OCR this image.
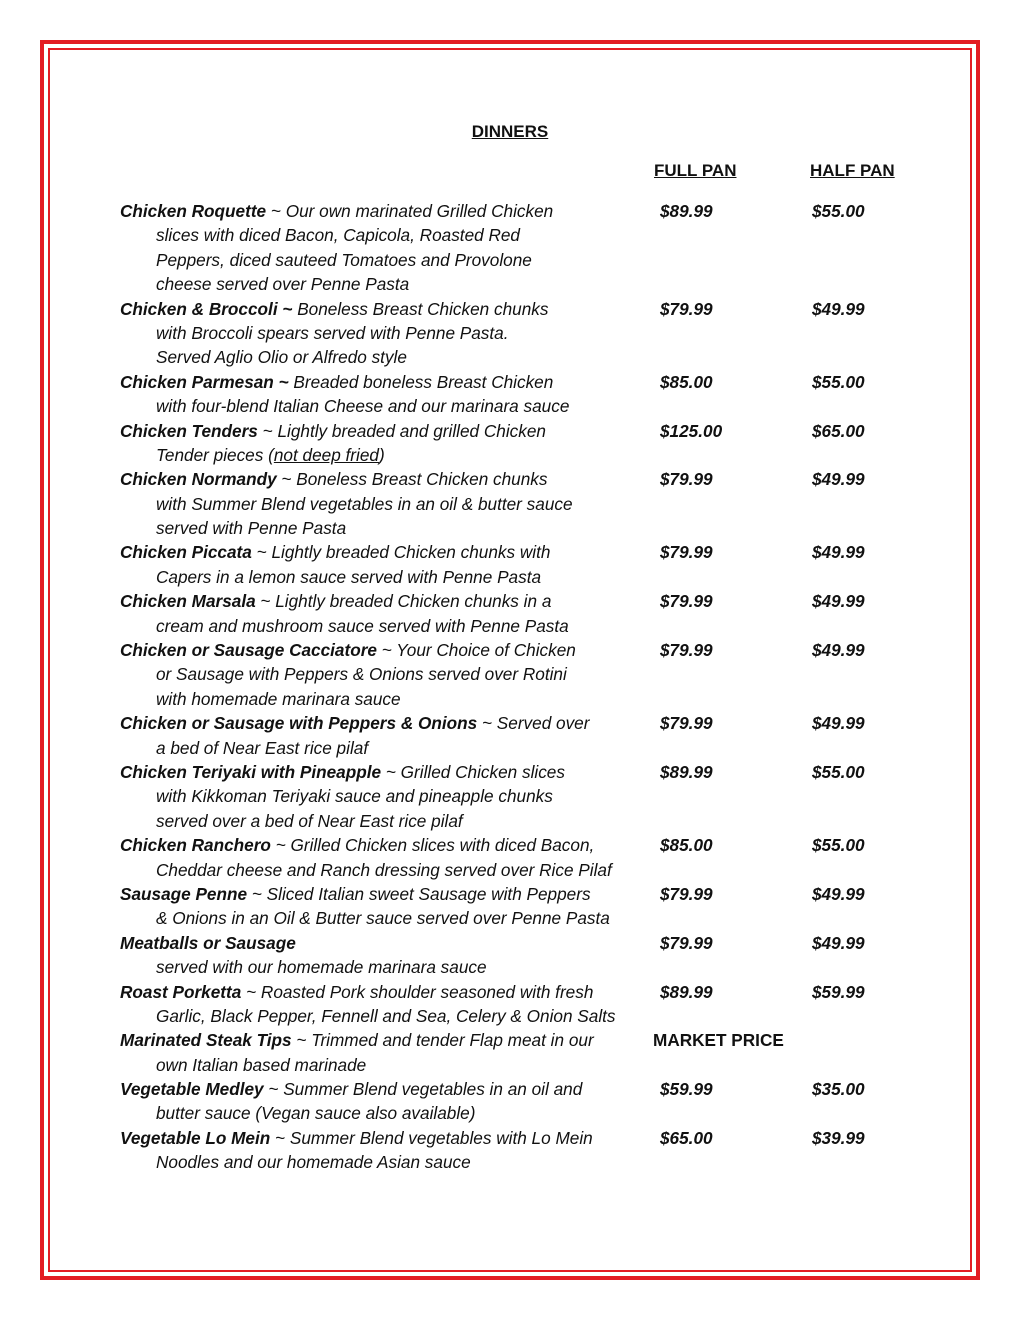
DINNERS
FULL PAN	HALF PAN
Chicken Roquette ~ Our own marinated Grilled Chicken
slices with diced Bacon, Capicola, Roasted Red
Peppers, diced sauteed Tomatoes and Provolone
cheese served over Penne Pasta
$89.99	$55.00
Chicken & Broccoli ~ Boneless Breast Chicken chunks
with Broccoli spears served with Penne Pasta.
Served Aglio Olio or Alfredo style
$79.99	$49.99
Chicken Parmesan ~ Breaded boneless Breast Chicken
with four-blend Italian Cheese and our marinara sauce
$85.00	$55.00
Chicken Tenders ~ Lightly breaded and grilled Chicken
Tender pieces (not deep fried)
$125.00	$65.00
Chicken Normandy ~ Boneless Breast Chicken chunks
with Summer Blend vegetables in an oil & butter sauce
served with Penne Pasta
$79.99	$49.99
Chicken Piccata ~ Lightly breaded Chicken chunks with
Capers in a lemon sauce served with Penne Pasta
$79.99	$49.99
Chicken Marsala ~ Lightly breaded Chicken chunks in a
cream and mushroom sauce served with Penne Pasta
$79.99	$49.99
Chicken or Sausage Cacciatore ~ Your Choice of Chicken
or Sausage with Peppers & Onions served over Rotini
with homemade marinara sauce
$79.99	$49.99
Chicken or Sausage with Peppers & Onions ~ Served over
a bed of Near East rice pilaf
$79.99	$49.99
Chicken Teriyaki with Pineapple ~ Grilled Chicken slices
with Kikkoman Teriyaki sauce and pineapple chunks
served over a bed of Near East rice pilaf
$89.99	$55.00
Chicken Ranchero ~ Grilled Chicken slices with diced Bacon,
Cheddar cheese and Ranch dressing served over Rice Pilaf
$85.00	$55.00
Sausage Penne ~ Sliced Italian sweet Sausage with Peppers
& Onions in an Oil & Butter sauce served over Penne Pasta
$79.99	$49.99
Meatballs or Sausage
served with our homemade marinara sauce
$79.99	$49.99
Roast Porketta ~ Roasted Pork shoulder seasoned with fresh
Garlic, Black Pepper, Fennell and Sea, Celery & Onion Salts
$89.99	$59.99
Marinated Steak Tips ~ Trimmed and tender Flap meat in our
own Italian based marinade
MARKET PRICE
Vegetable Medley ~ Summer Blend vegetables in an oil and
butter sauce (Vegan sauce also available)
$59.99	$35.00
Vegetable Lo Mein ~ Summer Blend vegetables with Lo Mein
Noodles and our homemade Asian sauce
$65.00	$39.99
